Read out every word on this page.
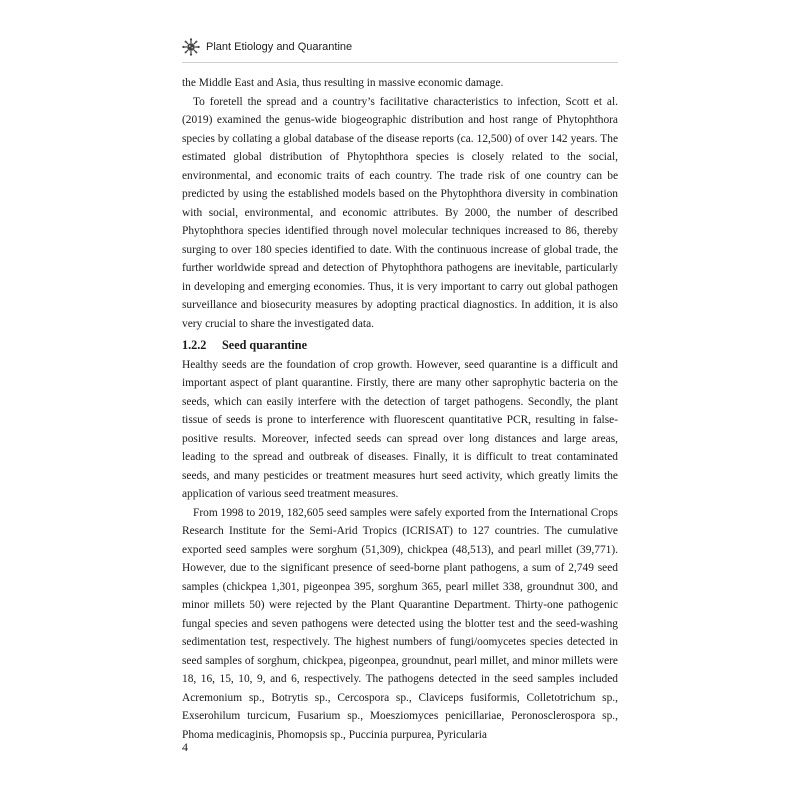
Plant Etiology and Quarantine

the Middle East and Asia, thus resulting in massive economic damage.

To foretell the spread and a country’s facilitative characteristics to infection, Scott et al. (2019) examined the genus-wide biogeographic distribution and host range of Phytophthora species by collating a global database of the disease reports (ca. 12,500) of over 142 years. The estimated global distribution of Phytophthora species is closely related to the social, environmental, and economic traits of each country. The trade risk of one country can be predicted by using the established models based on the Phytophthora diversity in combination with social, environmental, and economic attributes. By 2000, the number of described Phytophthora species identified through novel molecular techniques increased to 86, thereby surging to over 180 species identified to date. With the continuous increase of global trade, the further worldwide spread and detection of Phytophthora pathogens are inevitable, particularly in developing and emerging economies. Thus, it is very important to carry out global pathogen surveillance and biosecurity measures by adopting practical diagnostics. In addition, it is also very crucial to share the investigated data.

1.2.2 Seed quarantine

Healthy seeds are the foundation of crop growth. However, seed quarantine is a difficult and important aspect of plant quarantine. Firstly, there are many other saprophytic bacteria on the seeds, which can easily interfere with the detection of target pathogens. Secondly, the plant tissue of seeds is prone to interference with fluorescent quantitative PCR, resulting in false-positive results. Moreover, infected seeds can spread over long distances and large areas, leading to the spread and outbreak of diseases. Finally, it is difficult to treat contaminated seeds, and many pesticides or treatment measures hurt seed activity, which greatly limits the application of various seed treatment measures.

From 1998 to 2019, 182,605 seed samples were safely exported from the International Crops Research Institute for the Semi-Arid Tropics (ICRISAT) to 127 countries. The cumulative exported seed samples were sorghum (51,309), chickpea (48,513), and pearl millet (39,771). However, due to the significant presence of seed-borne plant pathogens, a sum of 2,749 seed samples (chickpea 1,301, pigeonpea 395, sorghum 365, pearl millet 338, groundnut 300, and minor millets 50) were rejected by the Plant Quarantine Department. Thirty-one pathogenic fungal species and seven pathogens were detected using the blotter test and the seed-washing sedimentation test, respectively. The highest numbers of fungi/oomycetes species detected in seed samples of sorghum, chickpea, pigeonpea, groundnut, pearl millet, and minor millets were 18, 16, 15, 10, 9, and 6, respectively. The pathogens detected in the seed samples included Acremonium sp., Botrytis sp., Cercospora sp., Claviceps fusiformis, Colletotrichum sp., Exserohilum turcicum, Fusarium sp., Moesziomyces penicillariae, Peronosclerospora sp., Phoma medicaginis, Phomopsis sp., Puccinia purpurea, Pyricularia

4
